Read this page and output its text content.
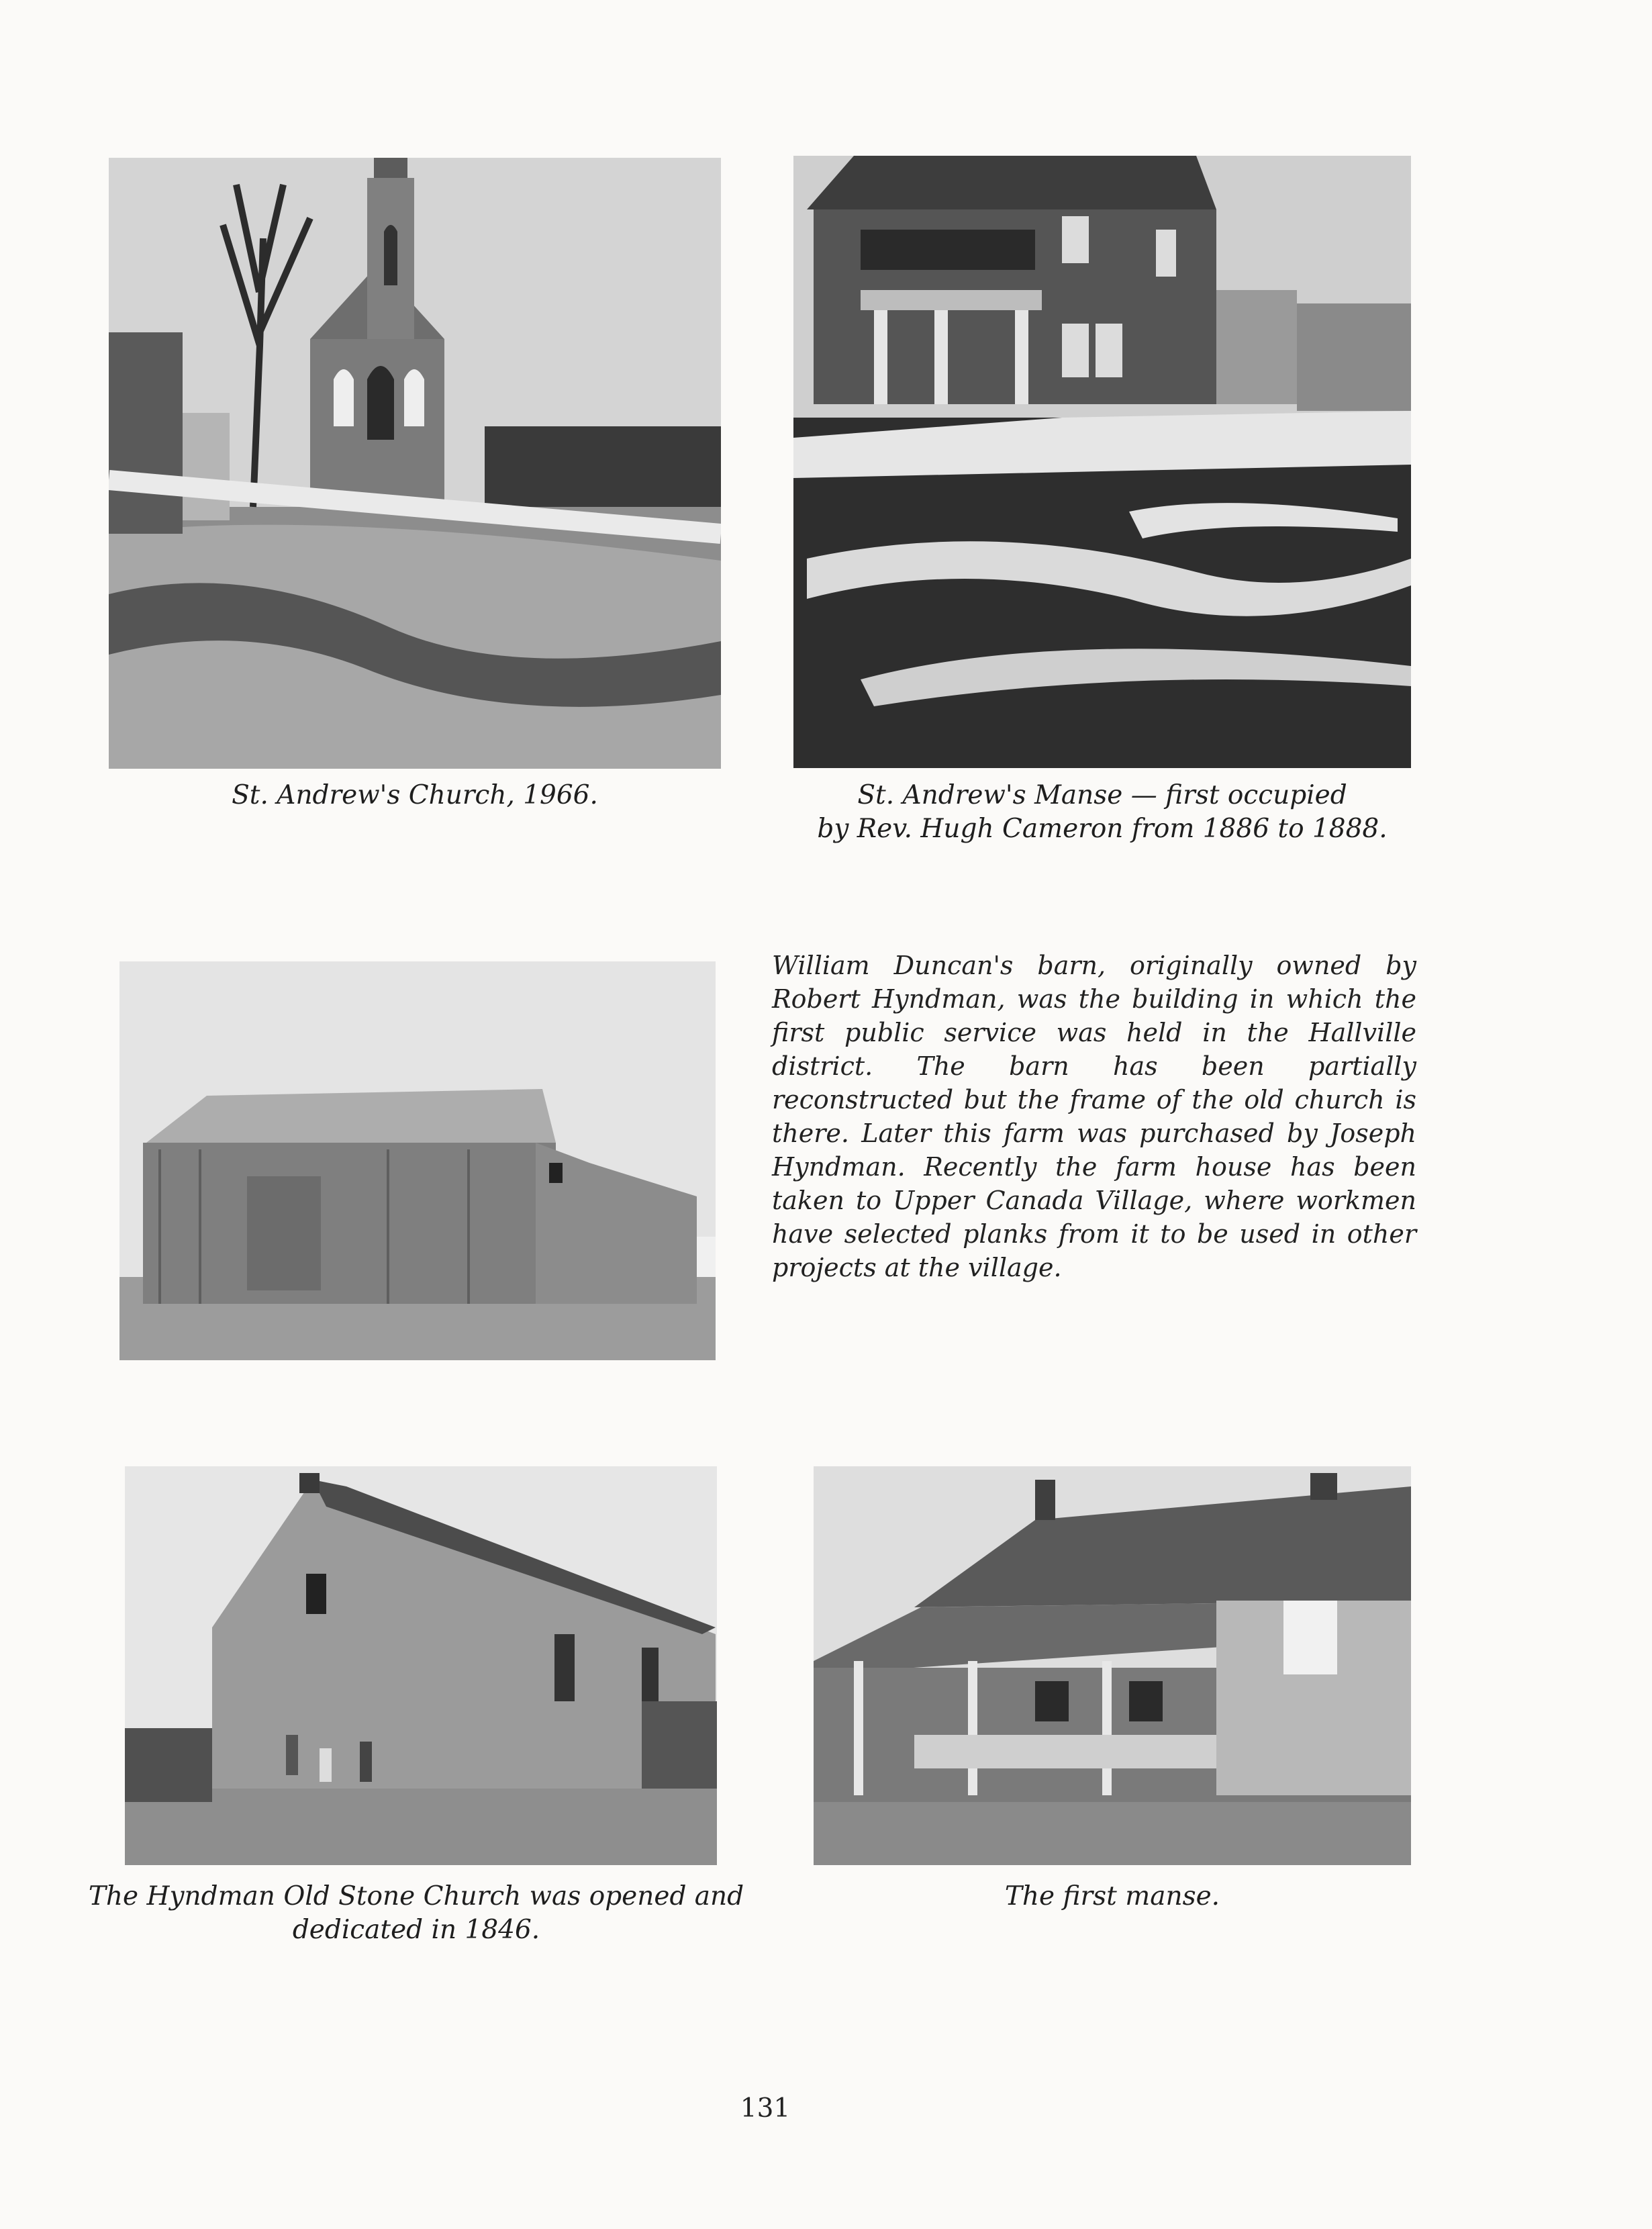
St. Andrew's Church, 1966.	St. Andrew's Manse — first occupied
by Rev. Hugh Cameron from 1886 to 1888.
William Duncan's barn, originally owned by Robert Hyndman, was the building in which the first public service was held in the Hallville district. The barn has been partially reconstructed but the frame of the old church is there. Later this farm was purchased by Joseph Hyndman. Recently the farm house has been taken to Upper Canada Village, where workmen have selected planks from it to be used in other projects at the village.
The Hyndman Old Stone Church was opened and
dedicated in 1846.
The first manse.
131
